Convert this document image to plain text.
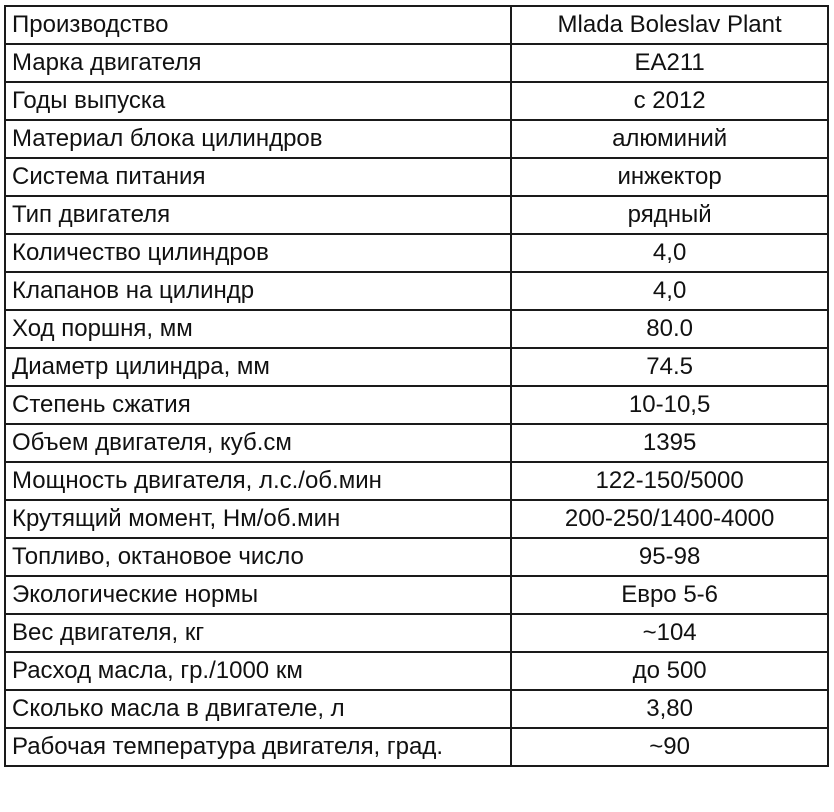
Производство	Mlada Boleslav Plant
Марка двигателя	EA211
Годы выпуска	с 2012
Материал блока цилиндров	алюминий
Система питания	инжектор
Тип двигателя	рядный
Количество цилиндров	4,0
Клапанов на цилиндр	4,0
Ход поршня, мм	80.0
Диаметр цилиндра, мм	74.5
Степень сжатия	10-10,5
Объем двигателя, куб.см	1395
Мощность двигателя, л.с./об.мин	122-150/5000
Крутящий момент, Нм/об.мин	200-250/1400-4000
Топливо, октановое число	95-98
Экологические нормы	Евро 5-6
Вес двигателя, кг	~104
Расход масла, гр./1000 км	до 500
Сколько масла в двигателе, л	3,80
Рабочая температура двигателя, град.	~90
